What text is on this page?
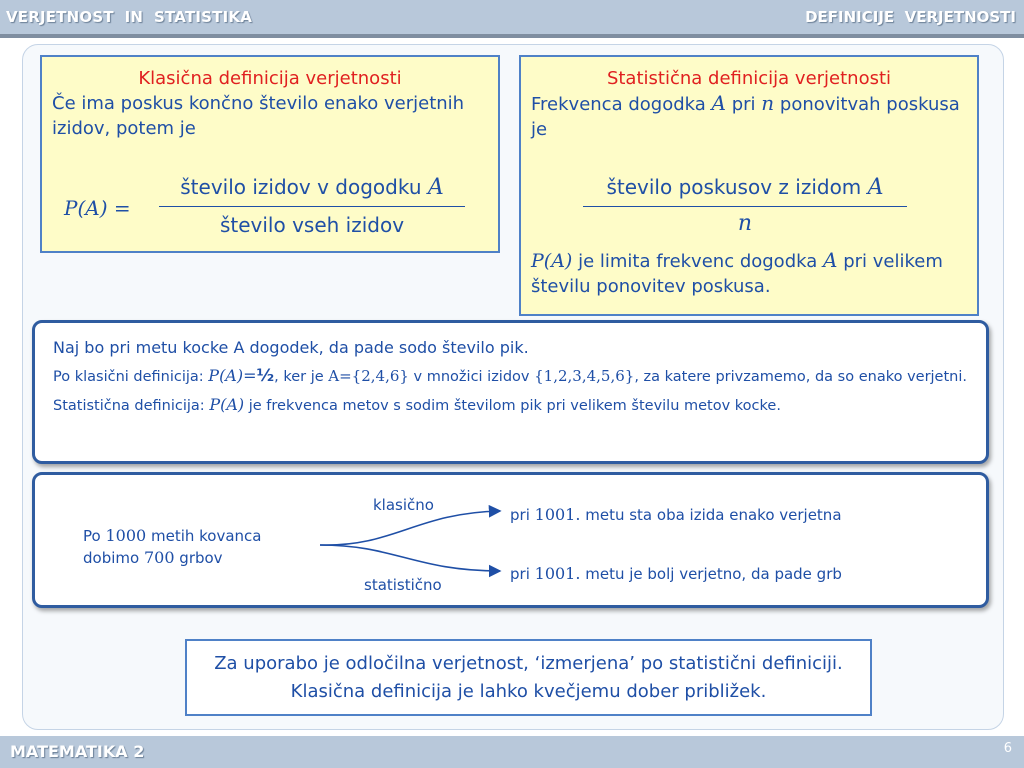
VERJETNOST  IN  STATISTIKA	DEFINICIJE  VERJETNOSTI
Klasična definicija verjetnosti
Če ima poskus končno število enako verjetnih izidov, potem je
P(A) =
število izidov v dogodku A
število vseh izidov
Statistična definicija verjetnosti
Frekvenca dogodka A pri n ponovitvah poskusa je
število poskusov z izidom A
n
P(A) je limita frekvenc dogodka A pri velikem številu ponovitev poskusa.
Naj bo pri metu kocke A dogodek, da pade sodo število pik.
Po klasični definicija: P(A)=½, ker je A={2,4,6} v množici izidov {1,2,3,4,5,6}, za katere privzamemo, da so enako verjetni.
Statistična definicija: P(A) je frekvenca metov s sodim številom pik pri velikem številu metov kocke.
Po 1000 metih kovanca
dobimo 700 grbov
klasično
statistično
pri 1001. metu sta oba izida enako verjetna
pri 1001. metu je bolj verjetno, da pade grb
Za uporabo je odločilna verjetnost, ‘izmerjena’ po statistični definiciji. Klasična definicija je lahko kvečjemu dober približek.
MATEMATIKA 2	6
